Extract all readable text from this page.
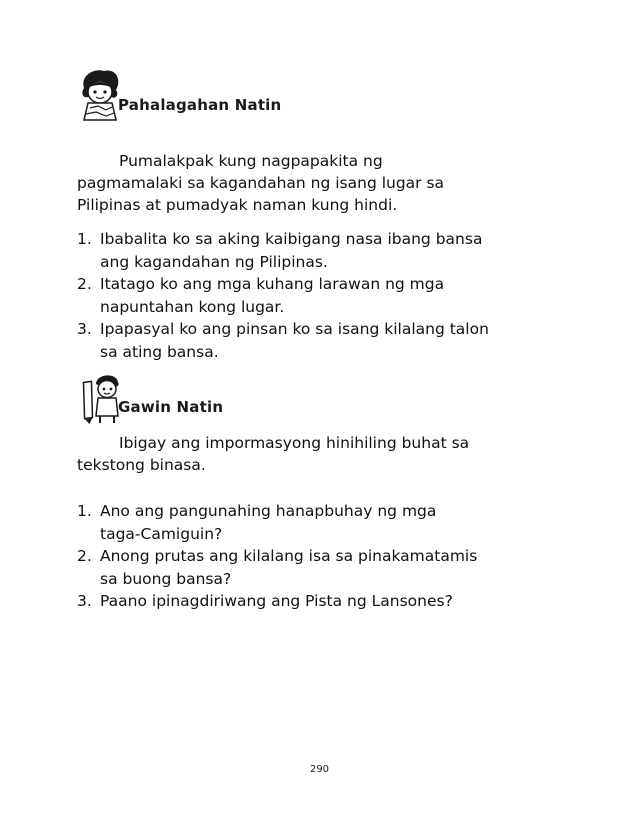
Pahalagahan Natin

Pumalakpak kung nagpapakita ng
pagmamalaki sa kagandahan ng isang lugar sa
Pilipinas at pumadyak naman kung hindi.

1. Ibabalita ko sa aking kaibigang nasa ibang bansa
ang kagandahan ng Pilipinas.
2. Itatago ko ang mga kuhang larawan ng mga
napuntahan kong lugar.
3. Ipapasyal ko ang pinsan ko sa isang kilalang talon
sa ating bansa.
Gawin Natin

Ibigay ang impormasyong hinihiling buhat sa
tekstong binasa.

1. Ano ang pangunahing hanapbuhay ng mga
taga-Camiguin?
2. Anong prutas ang kilalang isa sa pinakamatamis
sa buong bansa?
3. Paano ipinagdiriwang ang Pista ng Lansones?
290
